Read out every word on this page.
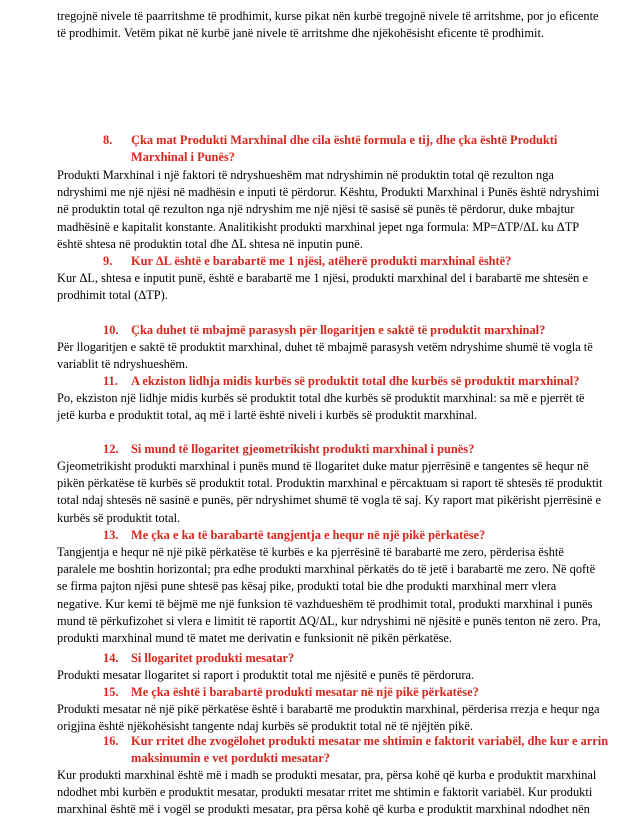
tregojnë nivele të paarritshme të prodhimit, kurse pikat nën kurbë tregojnë nivele të arritshme, por jo eficente të prodhimit. Vetëm pikat në kurbë janë nivele të arritshme dhe njëkohësisht eficente të prodhimit.

8.	Çka mat Produkti Marxhinal dhe cila është formula e tij, dhe çka është Produkti Marxhinal i Punës?

Produkti Marxhinal i një faktori të ndryshueshëm mat ndryshimin në produktin total që rezulton nga ndryshimi me një njësi në madhësin e inputi të përdorur. Kështu, Produkti Marxhinal i Punës është ndryshimi në produktin total që rezulton nga një ndryshim me një njësi të sasisë së punës të përdorur, duke mbajtur madhësinë e kapitalit konstante. Analitikisht produkti marxhinal jepet nga formula: MP=ΔTP/ΔL ku ΔTP është shtesa në produktin total dhe ΔL shtesa në inputin punë.

9.	Kur ΔL është e barabartë me 1 njësi, atëherë produkti marxhinal është?

Kur ΔL, shtesa e inputit punë, është e barabartë me 1 njësi, produkti marxhinal del i barabartë me shtesën e prodhimit total (ΔTP).

10.	Çka duhet të mbajmë parasysh për llogaritjen e saktë të produktit marxhinal?

Për llogaritjen e saktë të produktit marxhinal, duhet të mbajmë parasysh vetëm ndryshime shumë të vogla të variablit të ndryshueshëm.

11.	A ekziston lidhja midis kurbës së produktit total dhe kurbës së produktit marxhinal?

Po, ekziston një lidhje midis kurbës së produktit total dhe kurbës së produktit marxhinal: sa më e pjerrët të jetë kurba e produktit total, aq më i lartë është niveli i kurbës së produktit marxhinal.

12.	Si mund të llogaritet gjeometrikisht produkti marxhinal i punës?

Gjeometrikisht produkti marxhinal i punës mund të llogaritet duke matur pjerrësinë e tangentes së hequr në pikën përkatëse të kurbës së produktit total. Produktin marxhinal e përcaktuam si raport të shtesës të produktit total ndaj shtesës në sasinë e punës, për ndryshimet shumë të vogla të saj. Ky raport mat pikërisht pjerrësinë e kurbës së produktit total.

13.	Me çka e ka të barabartë tangjentja e hequr në një pikë përkatëse?

Tangjentja e hequr në një pikë përkatëse të kurbës e ka pjerrësinë të barabartë me zero, përderisa është paralele me boshtin horizontal; pra edhe produkti marxhinal përkatës do të jetë i barabartë me zero. Në qoftë se firma pajton njësi pune shtesë pas kësaj pike, produkti total bie dhe produkti marxhinal merr vlera negative. Kur kemi të bëjmë me një funksion të vazhdueshëm të prodhimit total, produkti marxhinal i punës mund të përkufizohet si vlera e limitit të raportit ΔQ/ΔL, kur ndryshimi në njësitë e punës tenton në zero. Pra, produkti marxhinal mund të matet me derivatin e funksionit në pikën përkatëse.

14.	Si llogaritet produkti mesatar?

Produkti mesatar llogaritet si raport i produktit total me njësitë e punës të përdorura.

15.	Me çka është i barabartë produkti mesatar në një pikë përkatëse?

Produkti mesatar në një pikë përkatëse është i barabartë me produktin marxhinal, përderisa rrezja e hequr nga origjina është njëkohësisht tangente ndaj kurbës së produktit total në të njëjtën pikë.

16.	Kur rritet dhe zvogëlohet produkti mesatar me shtimin e faktorit variabël, dhe kur e arrin maksimumin e vet pordukti mesatar?

Kur produkti marxhinal është më i madh se produkti mesatar, pra, përsa kohë që kurba e produktit marxhinal ndodhet mbi kurbën e produktit mesatar, produkti mesatar rritet me shtimin e faktorit variabël. Kur produkti marxhinal është më i vogël se produkti mesatar, pra përsa kohë që kurba e produktit marxhinal ndodhet nën
